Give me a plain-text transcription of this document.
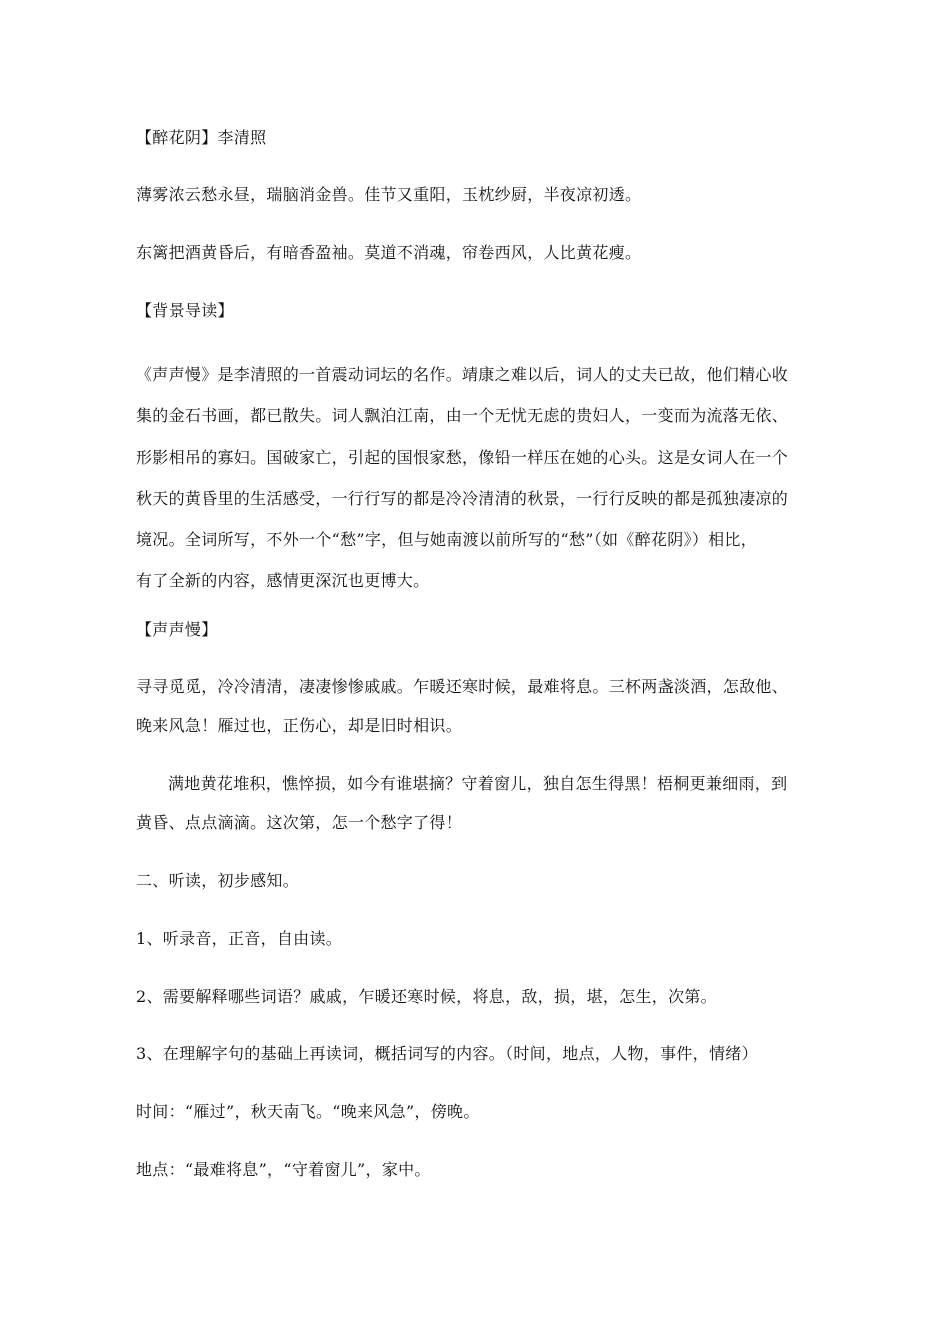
【醉花阴】李清照
薄雾浓云愁永昼，瑞脑消金兽。佳节又重阳，玉枕纱厨，半夜凉初透。
东篱把酒黄昏后，有暗香盈袖。莫道不消魂，帘卷西风，人比黄花瘦。
【背景导读】
《声声慢》是李清照的一首震动词坛的名作。靖康之难以后，词人的丈夫已故，他们精心收
集的金石书画，都已散失。词人飘泊江南，由一个无忧无虑的贵妇人，一变而为流落无依、
形影相吊的寡妇。国破家亡，引起的国恨家愁，像铅一样压在她的心头。这是女词人在一个
秋天的黄昏里的生活感受，一行行写的都是冷冷清清的秋景，一行行反映的都是孤独凄凉的
境况。全词所写，不外一个“愁”字，但与她南渡以前所写的“愁”（如《醉花阴》）相比，
有了全新的内容，感情更深沉也更博大。
【声声慢】
寻寻觅觅，冷冷清清，凄凄惨惨戚戚。乍暖还寒时候，最难将息。三杯两盏淡酒，怎敌他、
晚来风急！雁过也，正伤心，却是旧时相识。
满地黄花堆积，憔悴损，如今有谁堪摘？守着窗儿，独自怎生得黑！梧桐更兼细雨，到
黄昏、点点滴滴。这次第，怎一个愁字了得！
二、听读，初步感知。
1、听录音，正音，自由读。
2、需要解释哪些词语？戚戚，乍暖还寒时候，将息，敌，损，堪，怎生，次第。
3、在理解字句的基础上再读词，概括词写的内容。（时间，地点，人物，事件，情绪）
时间：“雁过”，秋天南飞。“晚来风急”，傍晚。
地点：“最难将息”，“守着窗儿”，家中。
